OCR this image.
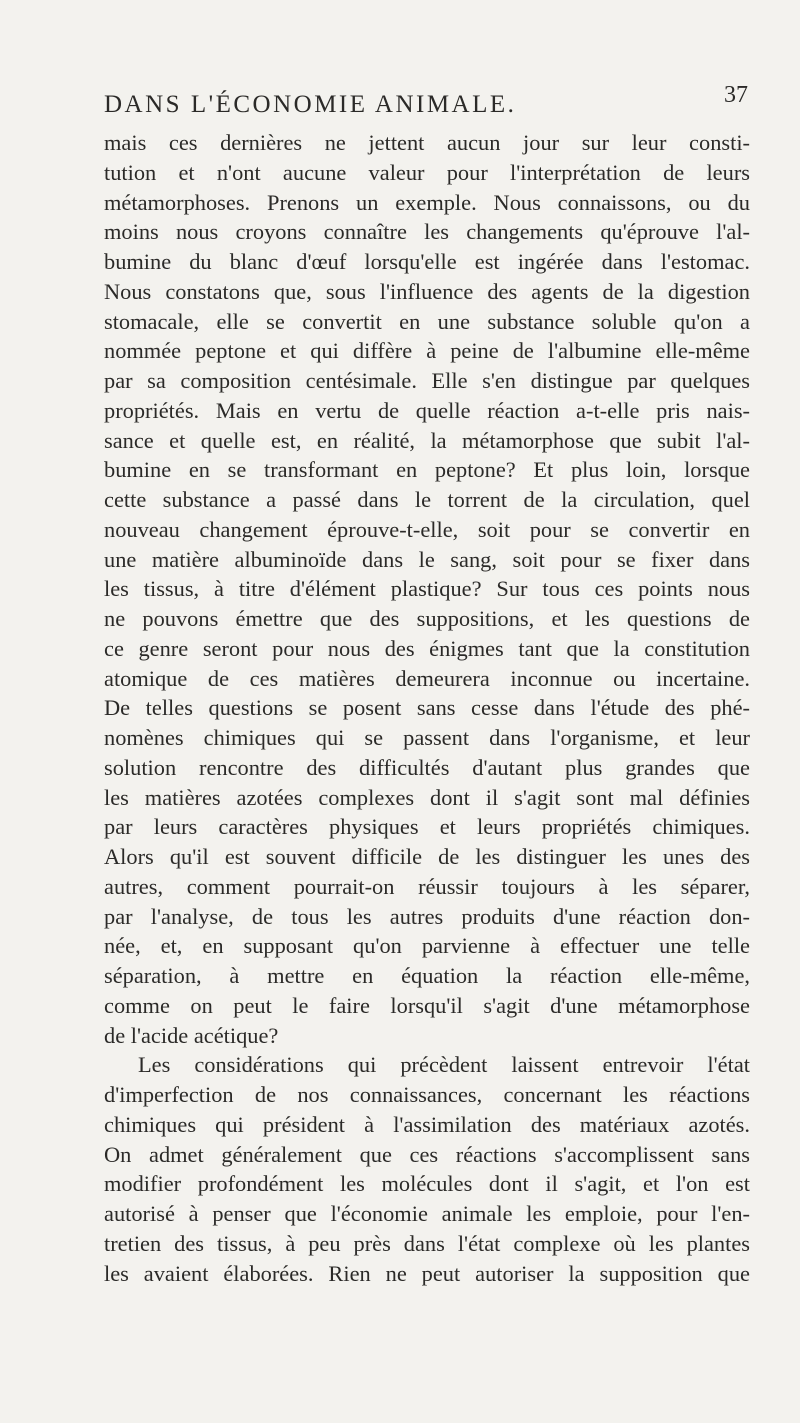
DANS L'ÉCONOMIE ANIMALE.	37
mais ces dernières ne jettent aucun jour sur leur consti-
tution et n'ont aucune valeur pour l'interprétation de leurs
métamorphoses. Prenons un exemple. Nous connaissons, ou du
moins nous croyons connaître les changements qu'éprouve l'al-
bumine du blanc d'œuf lorsqu'elle est ingérée dans l'estomac.
Nous constatons que, sous l'influence des agents de la digestion
stomacale, elle se convertit en une substance soluble qu'on a
nommée peptone et qui diffère à peine de l'albumine elle-même
par sa composition centésimale. Elle s'en distingue par quelques
propriétés. Mais en vertu de quelle réaction a-t-elle pris nais-
sance et quelle est, en réalité, la métamorphose que subit l'al-
bumine en se transformant en peptone? Et plus loin, lorsque
cette substance a passé dans le torrent de la circulation, quel
nouveau changement éprouve-t-elle, soit pour se convertir en
une matière albuminoïde dans le sang, soit pour se fixer dans
les tissus, à titre d'élément plastique? Sur tous ces points nous
ne pouvons émettre que des suppositions, et les questions de
ce genre seront pour nous des énigmes tant que la constitution
atomique de ces matières demeurera inconnue ou incertaine.
De telles questions se posent sans cesse dans l'étude des phé-
nomènes chimiques qui se passent dans l'organisme, et leur
solution rencontre des difficultés d'autant plus grandes que
les matières azotées complexes dont il s'agit sont mal définies
par leurs caractères physiques et leurs propriétés chimiques.
Alors qu'il est souvent difficile de les distinguer les unes des
autres, comment pourrait-on réussir toujours à les séparer,
par l'analyse, de tous les autres produits d'une réaction don-
née, et, en supposant qu'on parvienne à effectuer une telle
séparation, à mettre en équation la réaction elle-même,
comme on peut le faire lorsqu'il s'agit d'une métamorphose
de l'acide acétique?
Les considérations qui précèdent laissent entrevoir l'état
d'imperfection de nos connaissances, concernant les réactions
chimiques qui président à l'assimilation des matériaux azotés.
On admet généralement que ces réactions s'accomplissent sans
modifier profondément les molécules dont il s'agit, et l'on est
autorisé à penser que l'économie animale les emploie, pour l'en-
tretien des tissus, à peu près dans l'état complexe où les plantes
les avaient élaborées. Rien ne peut autoriser la supposition que
